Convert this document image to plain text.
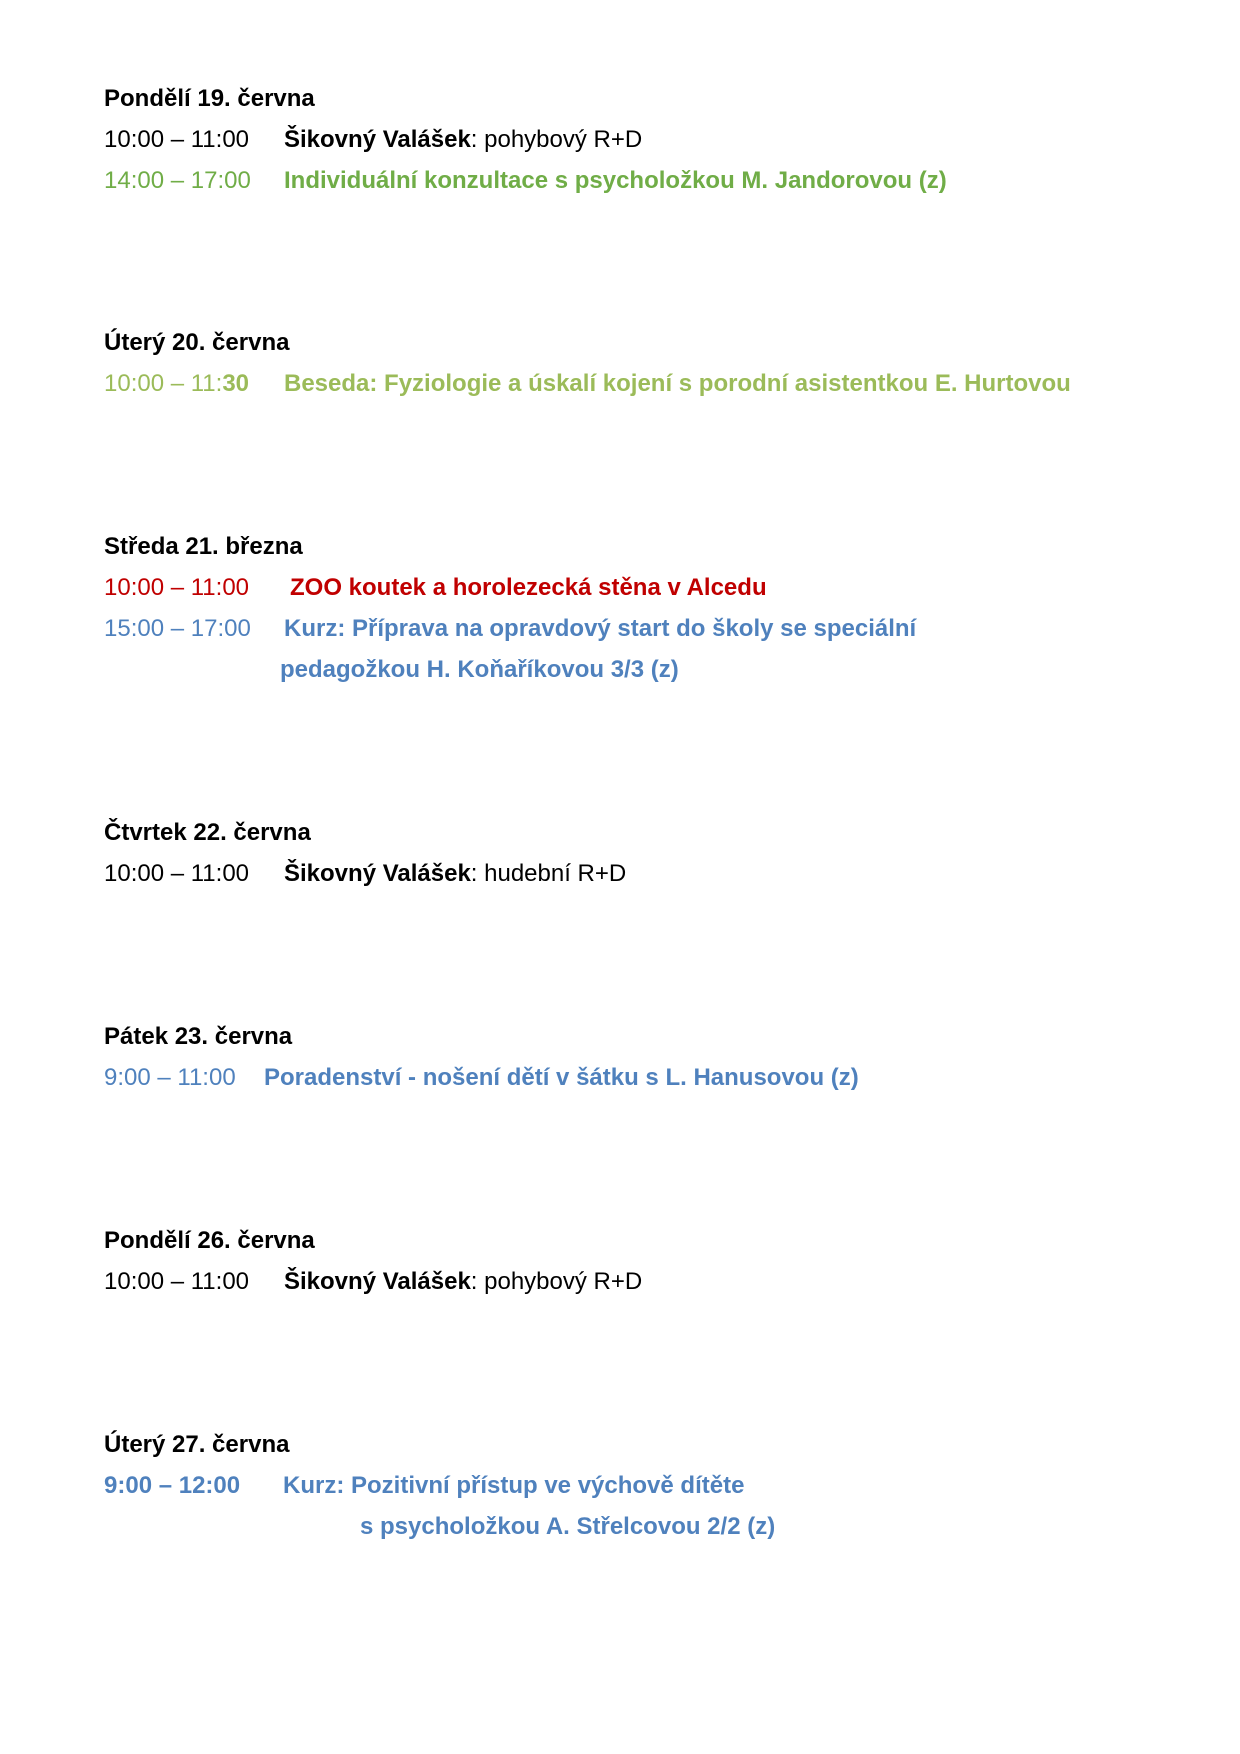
Pondělí 19. června
10:00 – 11:00 Šikovný Valášek: pohybový R+D
14:00 – 17:00 Individuální konzultace s psycholožkou M. Jandorovou (z)
Úterý 20. června
10:00 – 11:30 Beseda: Fyziologie a úskalí kojení s porodní asistentkou E. Hurtovou
Středa 21. března
10:00 – 11:00 ZOO koutek a horolezecká stěna v Alcedu
15:00 – 17:00 Kurz: Příprava na opravdový start do školy se speciální
pedagožkou H. Koňaříkovou 3/3 (z)
Čtvrtek 22. června
10:00 – 11:00 Šikovný Valášek: hudební R+D
Pátek 23. června
9:00 – 11:00 Poradenství - nošení dětí v šátku s L. Hanusovou (z)
Pondělí 26. června
10:00 – 11:00 Šikovný Valášek: pohybový R+D
Úterý 27. června
9:00 – 12:00 Kurz: Pozitivní přístup ve výchově dítěte
s psycholožkou A. Střelcovou 2/2 (z)
